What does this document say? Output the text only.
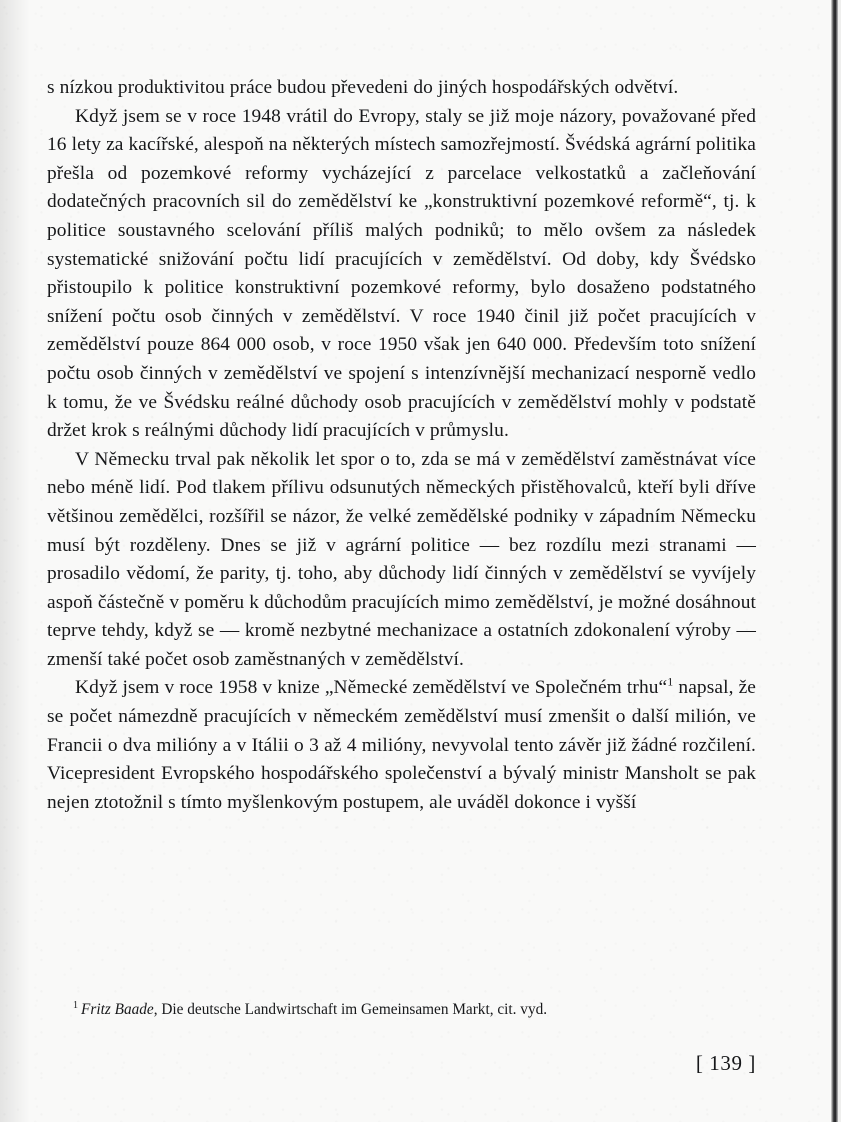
s nízkou produktivitou práce budou převedeni do jiných hospodářských odvětví.

Když jsem se v roce 1948 vrátil do Evropy, staly se již moje názory, považované před 16 lety za kacířské, alespoň na některých místech samozřejmostí. Švédská agrární politika přešla od pozemkové reformy vycházející z parcelace velkostatků a začleňování dodatečných pracovních sil do zemědělství ke „konstruktivní pozemkové reformě“, tj. k politice soustavného scelování příliš malých podniků; to mělo ovšem za následek systematické snižování počtu lidí pracujících v zemědělství. Od doby, kdy Švédsko přistoupilo k politice konstruktivní pozemkové reformy, bylo dosaženo podstatného snížení počtu osob činných v zemědělství. V roce 1940 činil již počet pracujících v zemědělství pouze 864 000 osob, v roce 1950 však jen 640 000. Především toto snížení počtu osob činných v zemědělství ve spojení s intenzívnější mechanizací nesporně vedlo k tomu, že ve Švédsku reálné důchody osob pracujících v zemědělství mohly v podstatě držet krok s reálnými důchody lidí pracujících v průmyslu.

V Německu trval pak několik let spor o to, zda se má v zemědělství zaměstnávat více nebo méně lidí. Pod tlakem přílivu odsunutých německých přistěhovalců, kteří byli dříve většinou zemědělci, rozšířil se názor, že velké zemědělské podniky v západním Německu musí být rozděleny. Dnes se již v agrární politice — bez rozdílu mezi stranami — prosadilo vědomí, že parity, tj. toho, aby důchody lidí činných v zemědělství se vyvíjely aspoň částečně v poměru k důchodům pracujících mimo zemědělství, je možné dosáhnout teprve tehdy, když se — kromě nezbytné mechanizace a ostatních zdokonalení výroby — zmenší také počet osob zaměstnaných v zemědělství.

Když jsem v roce 1958 v knize „Německé zemědělství ve Společném trhu“$^1$ napsal, že se počet námezdně pracujících v německém zemědělství musí zmenšit o další milión, ve Francii o dva milióny a v Itálii o 3 až 4 milióny, nevyvolal tento závěr již žádné rozčilení. Vicepresident Evropského hospodářského společenství a bývalý ministr Mansholt se pak nejen ztotožnil s tímto myšlenkovým postupem, ale uváděl dokonce i vyšší

$^1$ Fritz Baade, Die deutsche Landwirtschaft im Gemeinsamen Markt, cit. vyd.

[ 139 ]
